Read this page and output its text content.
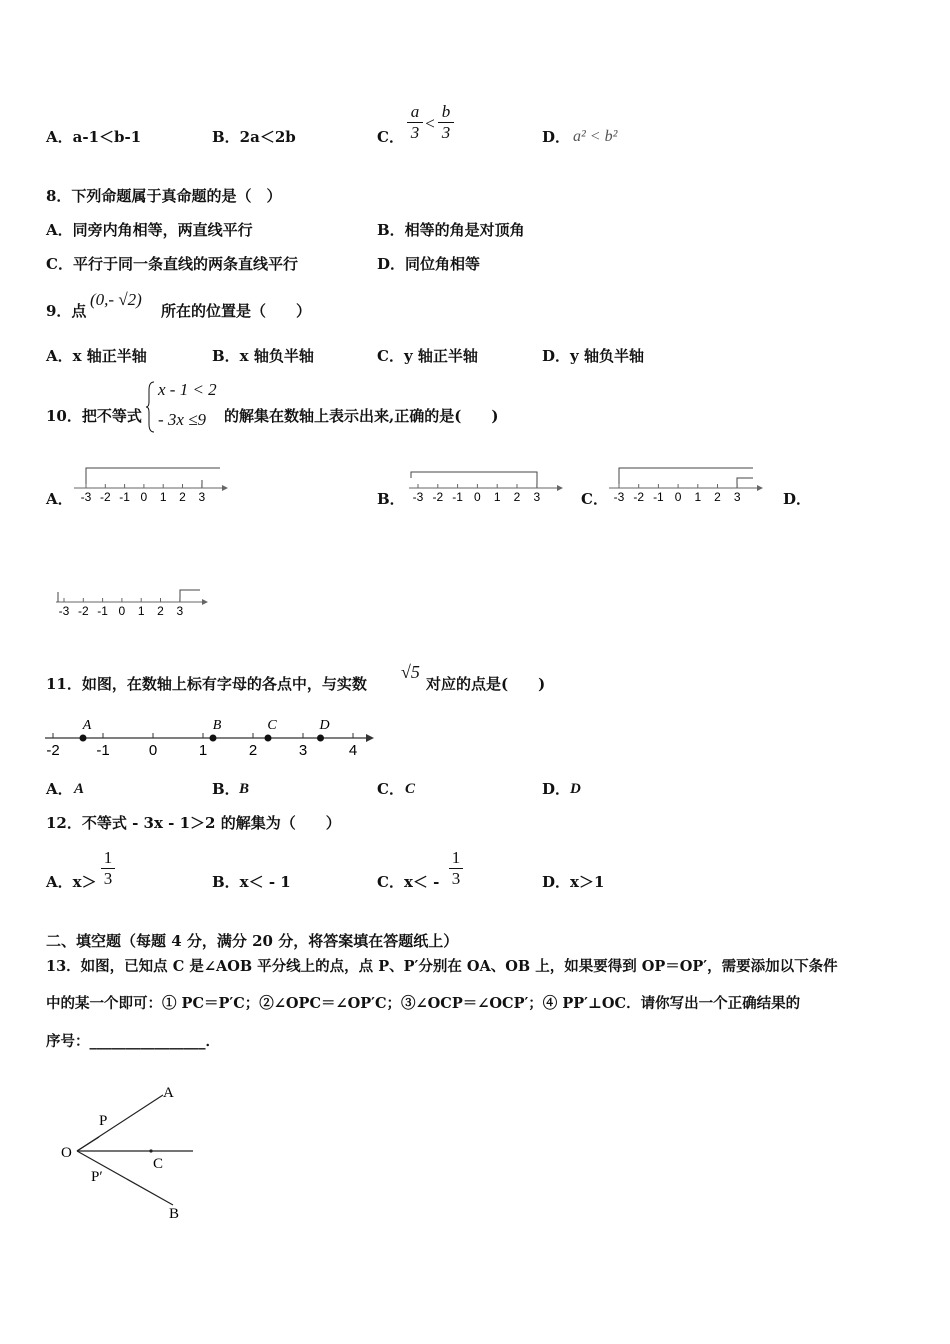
A．a-1＜b-1	B．2a＜2b	C． $\frac{a}{3} < \frac{b}{3}$	D． a² < b²
8．下列命题属于真命题的是（　）
A．同旁内角相等，两直线平行	B．相等的角是对顶角
C．平行于同一条直线的两条直线平行	D．同位角相等
9．点
(0,- √2)
所在的位置是（　　）
A．x 轴正半轴	B．x 轴负半轴	C．y 轴正半轴	D．y 轴负半轴
10．把不等式
x - 1 < 2
- 3x ≤9 的解集在数轴上表示出来,正确的是(　　)
A．	B．	C．	D．
-3 -2 -1 0 1 2 3	-3 -2 -1 0 1 2 3	-3 -2 -1 0 1 2 3
-3 -2 -1 0 1 2 3
11．如图，在数轴上标有字母的各点中，与实数
√5
对应的点是(　　)
-2 -1	0	1	2	3	4
A	B	C	D
A． A	B． B	C． C	D． D
12．不等式 - 3x - 1＞2 的解集为（　　）
A．$x> \frac{1}{3}$	B．x＜ - 1	C．$x< - \frac{1}{3}$	D．x＞1
二、填空题（每题 4 分，满分 20 分，将答案填在答题纸上）
13．如图，已知点 C 是∠AOB 平分线上的点，点 P、P′分别在 OA、OB 上，如果要得到 OP＝OP′，需要添加以下条件
中的某一个即可：① PC＝P′C；②∠OPC＝∠OP′C；③∠OCP＝∠OCP′；④ PP′⊥OC．请你写出一个正确结果的
序号：________________．
A
P
O
C
P′
B
